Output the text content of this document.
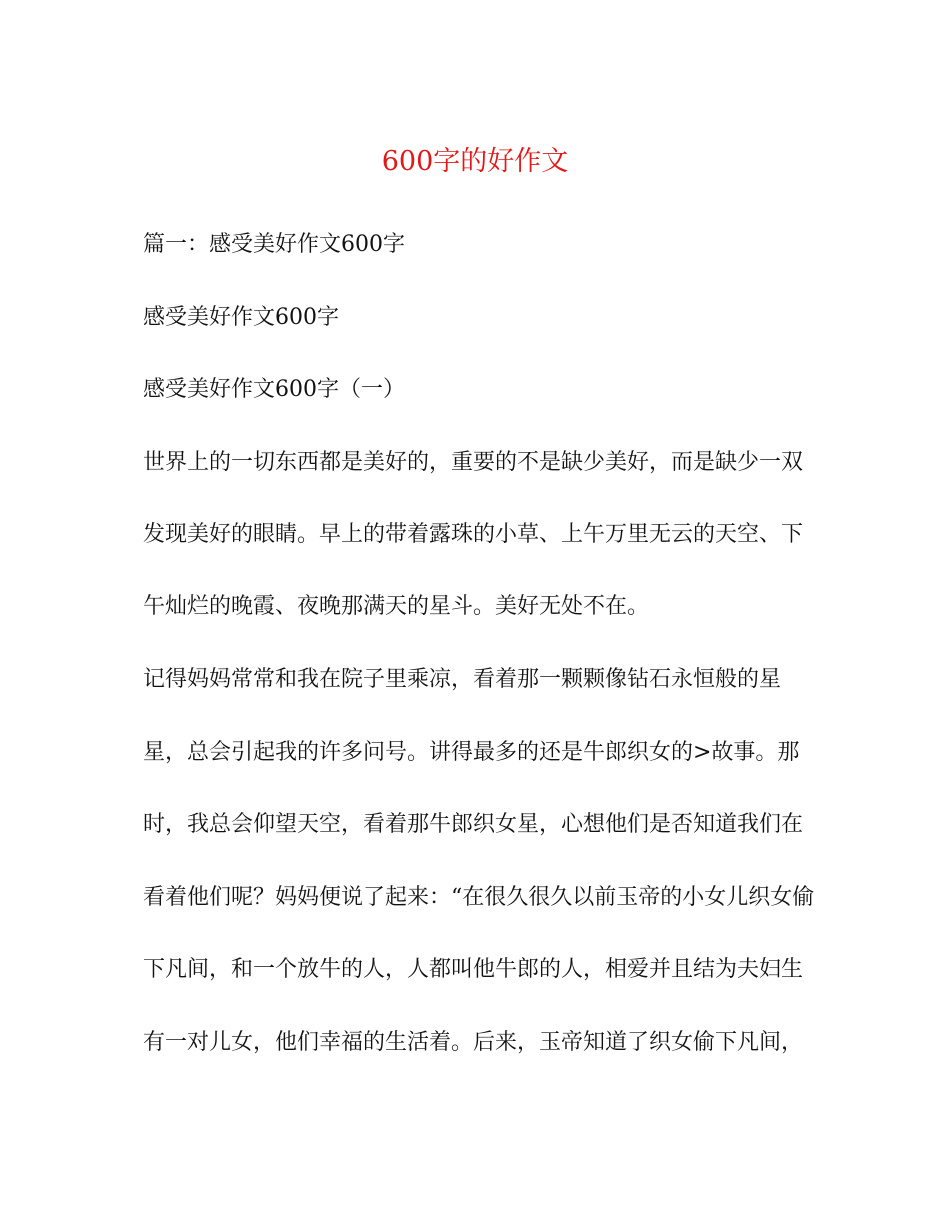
600字的好作文
篇一：感受美好作文600字
感受美好作文600字
感受美好作文600字（一）
世界上的一切东西都是美好的，重要的不是缺少美好，而是缺少一双
发现美好的眼睛。早上的带着露珠的小草、上午万里无云的天空、下
午灿烂的晚霞、夜晚那满天的星斗。美好无处不在。
记得妈妈常常和我在院子里乘凉，看着那一颗颗像钻石永恒般的星
星，总会引起我的许多问号。讲得最多的还是牛郎织女的>故事。那
时，我总会仰望天空，看着那牛郎织女星，心想他们是否知道我们在
看着他们呢？妈妈便说了起来：“在很久很久以前玉帝的小女儿织女偷
下凡间，和一个放牛的人，人都叫他牛郎的人，相爱并且结为夫妇生
有一对儿女，他们幸福的生活着。后来，玉帝知道了织女偷下凡间，
